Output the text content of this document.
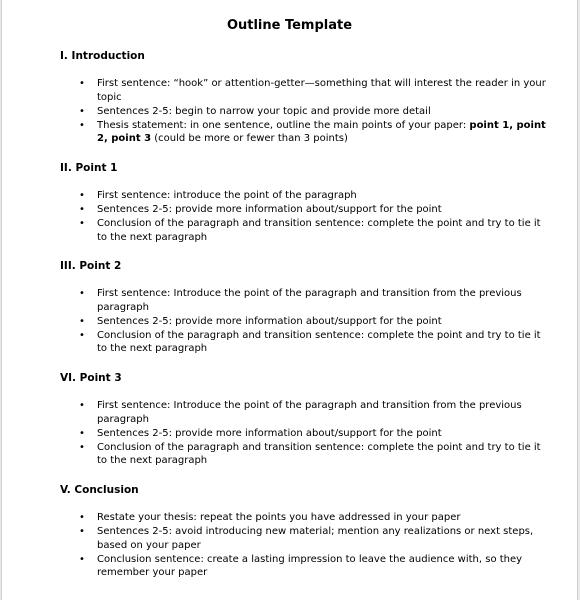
Outline Template

I. Introduction

• First sentence: “hook” or attention-getter—something that will interest the reader in your topic
• Sentences 2-5: begin to narrow your topic and provide more detail
• Thesis statement: in one sentence, outline the main points of your paper: point 1, point 2, point 3 (could be more or fewer than 3 points)

II. Point 1

• First sentence: introduce the point of the paragraph
• Sentences 2-5: provide more information about/support for the point
• Conclusion of the paragraph and transition sentence: complete the point and try to tie it to the next paragraph

III. Point 2

• First sentence: Introduce the point of the paragraph and transition from the previous paragraph
• Sentences 2-5: provide more information about/support for the point
• Conclusion of the paragraph and transition sentence: complete the point and try to tie it to the next paragraph

VI. Point 3

• First sentence: Introduce the point of the paragraph and transition from the previous paragraph
• Sentences 2-5: provide more information about/support for the point
• Conclusion of the paragraph and transition sentence: complete the point and try to tie it to the next paragraph

V. Conclusion

• Restate your thesis: repeat the points you have addressed in your paper
• Sentences 2-5: avoid introducing new material; mention any realizations or next steps, based on your paper
• Conclusion sentence: create a lasting impression to leave the audience with, so they remember your paper
